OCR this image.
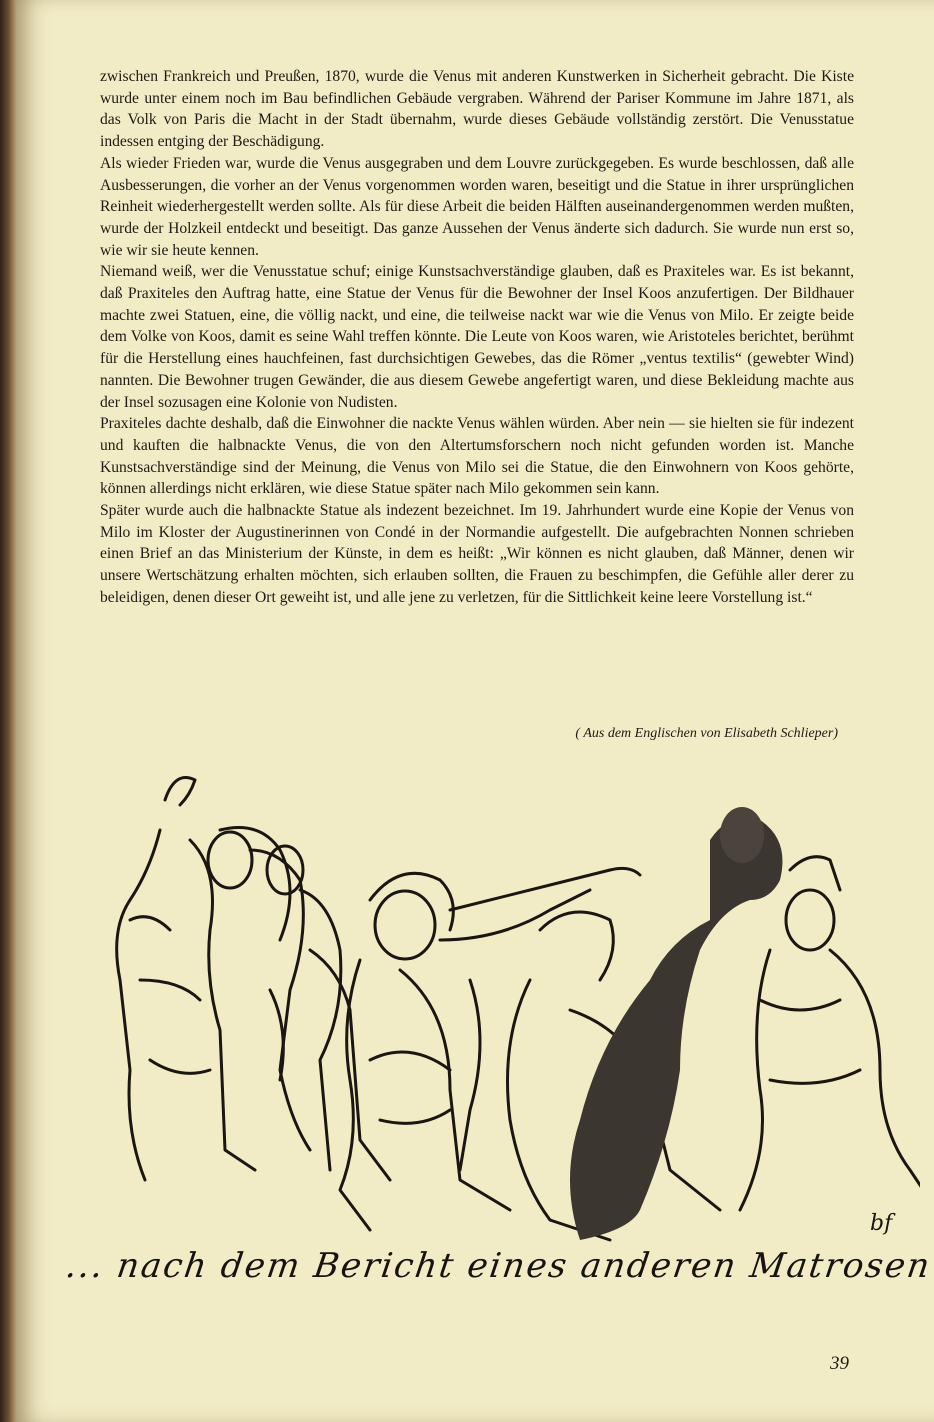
zwischen Frankreich und Preußen, 1870, wurde die Venus mit anderen Kunstwerken in Sicherheit gebracht. Die Kiste wurde unter einem noch im Bau befindlichen Gebäude vergraben. Während der Pariser Kommune im Jahre 1871, als das Volk von Paris die Macht in der Stadt übernahm, wurde dieses Gebäude vollständig zerstört. Die Venusstatue indessen entging der Beschädigung.

Als wieder Frieden war, wurde die Venus ausgegraben und dem Louvre zurückgegeben. Es wurde beschlossen, daß alle Ausbesserungen, die vorher an der Venus vorgenommen worden waren, beseitigt und die Statue in ihrer ursprünglichen Reinheit wiederhergestellt werden sollte. Als für diese Arbeit die beiden Hälften auseinandergenommen werden mußten, wurde der Holzkeil entdeckt und beseitigt. Das ganze Aussehen der Venus änderte sich dadurch. Sie wurde nun erst so, wie wir sie heute kennen.

Niemand weiß, wer die Venusstatue schuf; einige Kunstsachverständige glauben, daß es Praxiteles war. Es ist bekannt, daß Praxiteles den Auftrag hatte, eine Statue der Venus für die Bewohner der Insel Koos anzufertigen. Der Bildhauer machte zwei Statuen, eine, die völlig nackt, und eine, die teilweise nackt war wie die Venus von Milo. Er zeigte beide dem Volke von Koos, damit es seine Wahl treffen könnte. Die Leute von Koos waren, wie Aristoteles berichtet, berühmt für die Herstellung eines hauchfeinen, fast durchsichtigen Gewebes, das die Römer „ventus textilis“ (gewebter Wind) nannten. Die Bewohner trugen Gewänder, die aus diesem Gewebe angefertigt waren, und diese Bekleidung machte aus der Insel sozusagen eine Kolonie von Nudisten.

Praxiteles dachte deshalb, daß die Einwohner die nackte Venus wählen würden. Aber nein — sie hielten sie für indezent und kauften die halbnackte Venus, die von den Altertumsforschern noch nicht gefunden worden ist. Manche Kunstsachverständige sind der Meinung, die Venus von Milo sei die Statue, die den Einwohnern von Koos gehörte, können allerdings nicht erklären, wie diese Statue später nach Milo gekommen sein kann.

Später wurde auch die halbnackte Statue als indezent bezeichnet. Im 19. Jahrhundert wurde eine Kopie der Venus von Milo im Kloster der Augustinerinnen von Condé in der Normandie aufgestellt. Die aufgebrachten Nonnen schrieben einen Brief an das Ministerium der Künste, in dem es heißt: „Wir können es nicht glauben, daß Männer, denen wir unsere Wertschätzung erhalten möchten, sich erlauben sollten, die Frauen zu beschimpfen, die Gefühle aller derer zu beleidigen, denen dieser Ort geweiht ist, und alle jene zu verletzen, für die Sittlichkeit keine leere Vorstellung ist.“

( Aus dem Englischen von Elisabeth Schlieper)
bf
... nach dem Bericht eines anderen Matrosen
39
